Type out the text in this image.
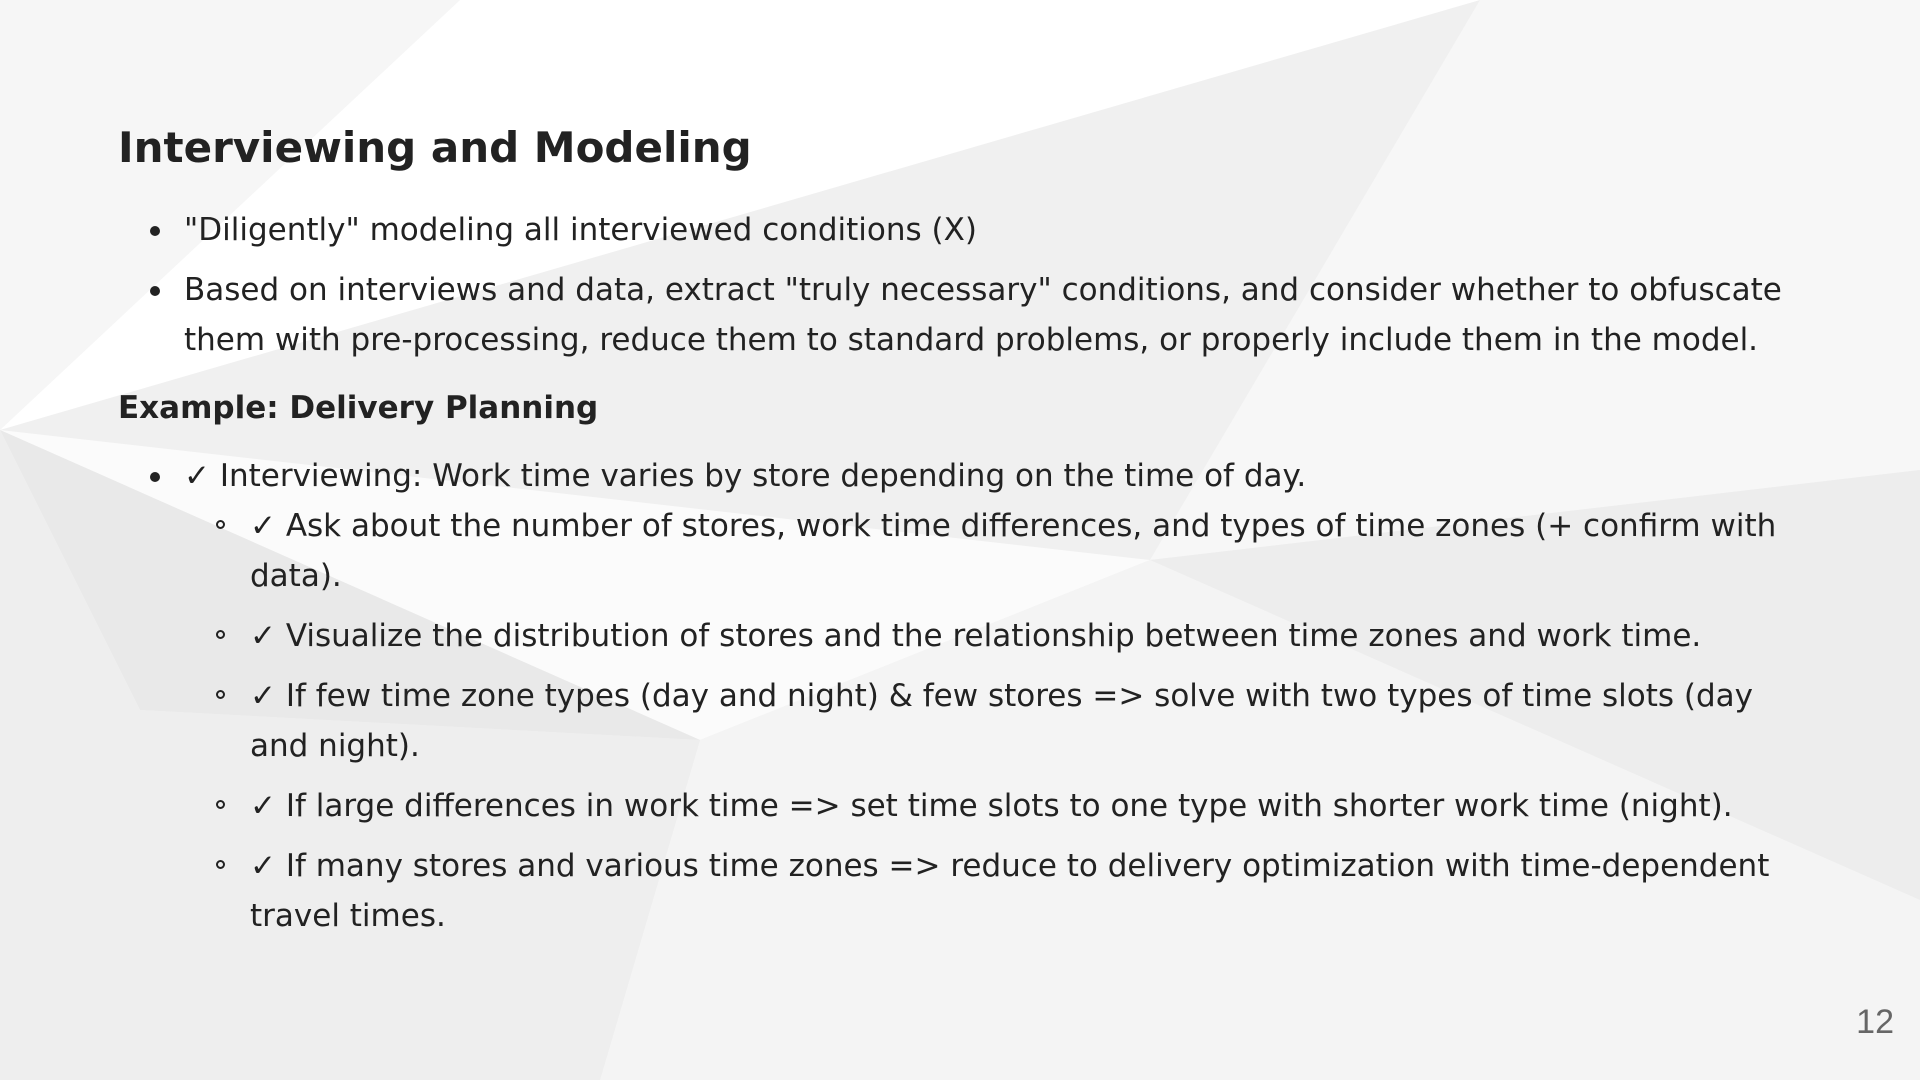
Interviewing and Modeling
"Diligently" modeling all interviewed conditions (X)
Based on interviews and data, extract "truly necessary" conditions, and consider whether to obfuscate them with pre-processing, reduce them to standard problems, or properly include them in the model.
Example: Delivery Planning
✓ Interviewing: Work time varies by store depending on the time of day.
✓ Ask about the number of stores, work time differences, and types of time zones (+ confirm with data).
✓ Visualize the distribution of stores and the relationship between time zones and work time.
✓ If few time zone types (day and night) & few stores => solve with two types of time slots (day and night).
✓ If large differences in work time => set time slots to one type with shorter work time (night).
✓ If many stores and various time zones => reduce to delivery optimization with time-dependent travel times.
12
